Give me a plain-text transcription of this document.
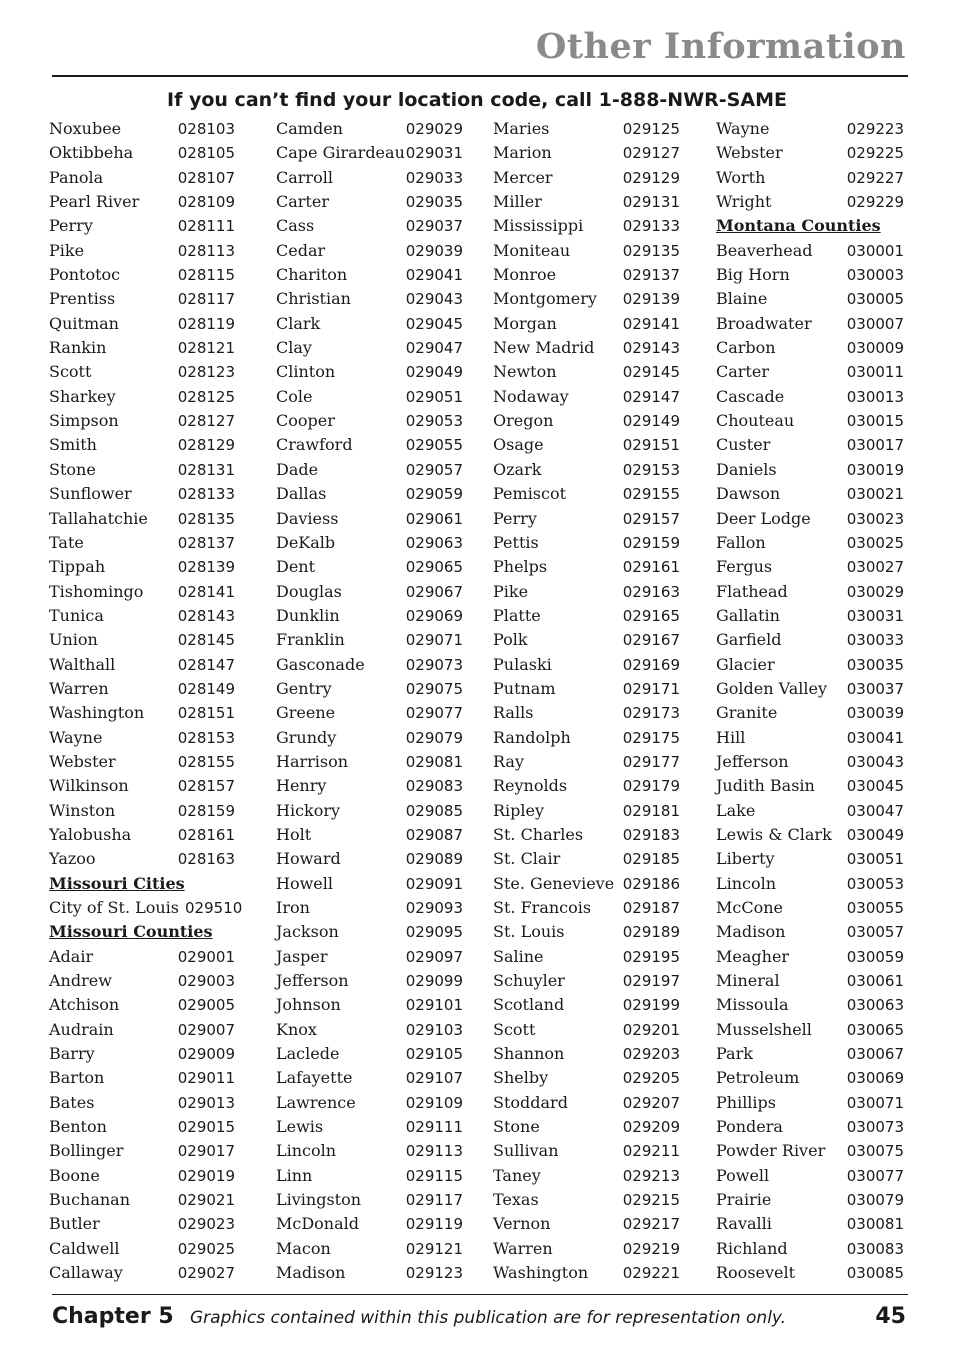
Other Information
If you can’t find your location code, call 1-888-NWR-SAME
Noxubee	028103
Oktibbeha	028105
Panola	028107
Pearl River	028109
Perry	028111
Pike	028113
Pontotoc	028115
Prentiss	028117
Quitman	028119
Rankin	028121
Scott	028123
Sharkey	028125
Simpson	028127
Smith	028129
Stone	028131
Sunflower	028133
Tallahatchie	028135
Tate	028137
Tippah	028139
Tishomingo	028141
Tunica	028143
Union	028145
Walthall	028147
Warren	028149
Washington	028151
Wayne	028153
Webster	028155
Wilkinson	028157
Winston	028159
Yalobusha	028161
Yazoo	028163
Missouri Cities
City of St. Louis 029510
Missouri Counties
Adair	029001
Andrew	029003
Atchison	029005
Audrain	029007
Barry	029009
Barton	029011
Bates	029013
Benton	029015
Bollinger	029017
Boone	029019
Buchanan	029021
Butler	029023
Caldwell	029025
Callaway	029027
Camden	029029
Cape Girardeau 029031
Carroll	029033
Carter	029035
Cass	029037
Cedar	029039
Chariton	029041
Christian	029043
Clark	029045
Clay	029047
Clinton	029049
Cole	029051
Cooper	029053
Crawford	029055
Dade	029057
Dallas	029059
Daviess	029061
DeKalb	029063
Dent	029065
Douglas	029067
Dunklin	029069
Franklin	029071
Gasconade	029073
Gentry	029075
Greene	029077
Grundy	029079
Harrison	029081
Henry	029083
Hickory	029085
Holt	029087
Howard	029089
Howell	029091
Iron	029093
Jackson	029095
Jasper	029097
Jefferson	029099
Johnson	029101
Knox	029103
Laclede	029105
Lafayette	029107
Lawrence	029109
Lewis	029111
Lincoln	029113
Linn	029115
Livingston	029117
McDonald	029119
Macon	029121
Madison	029123
Maries	029125
Marion	029127
Mercer	029129
Miller	029131
Mississippi	029133
Moniteau	029135
Monroe	029137
Montgomery	029139
Morgan	029141
New Madrid	029143
Newton	029145
Nodaway	029147
Oregon	029149
Osage	029151
Ozark	029153
Pemiscot	029155
Perry	029157
Pettis	029159
Phelps	029161
Pike	029163
Platte	029165
Polk	029167
Pulaski	029169
Putnam	029171
Ralls	029173
Randolph	029175
Ray	029177
Reynolds	029179
Ripley	029181
St. Charles	029183
St. Clair	029185
Ste. Genevieve 029186
St. Francois	029187
St. Louis	029189
Saline	029195
Schuyler	029197
Scotland	029199
Scott	029201
Shannon	029203
Shelby	029205
Stoddard	029207
Stone	029209
Sullivan	029211
Taney	029213
Texas	029215
Vernon	029217
Warren	029219
Washington	029221
Wayne	029223
Webster	029225
Worth	029227
Wright	029229
Montana Counties
Beaverhead	030001
Big Horn	030003
Blaine	030005
Broadwater	030007
Carbon	030009
Carter	030011
Cascade	030013
Chouteau	030015
Custer	030017
Daniels	030019
Dawson	030021
Deer Lodge	030023
Fallon	030025
Fergus	030027
Flathead	030029
Gallatin	030031
Garfield	030033
Glacier	030035
Golden Valley	030037
Granite	030039
Hill	030041
Jefferson	030043
Judith Basin	030045
Lake	030047
Lewis & Clark 030049
Liberty	030051
Lincoln	030053
McCone	030055
Madison	030057
Meagher	030059
Mineral	030061
Missoula	030063
Musselshell	030065
Park	030067
Petroleum	030069
Phillips	030071
Pondera	030073
Powder River	030075
Powell	030077
Prairie	030079
Ravalli	030081
Richland	030083
Roosevelt	030085
Chapter 5 Graphics contained within this publication are for representation only.	45
